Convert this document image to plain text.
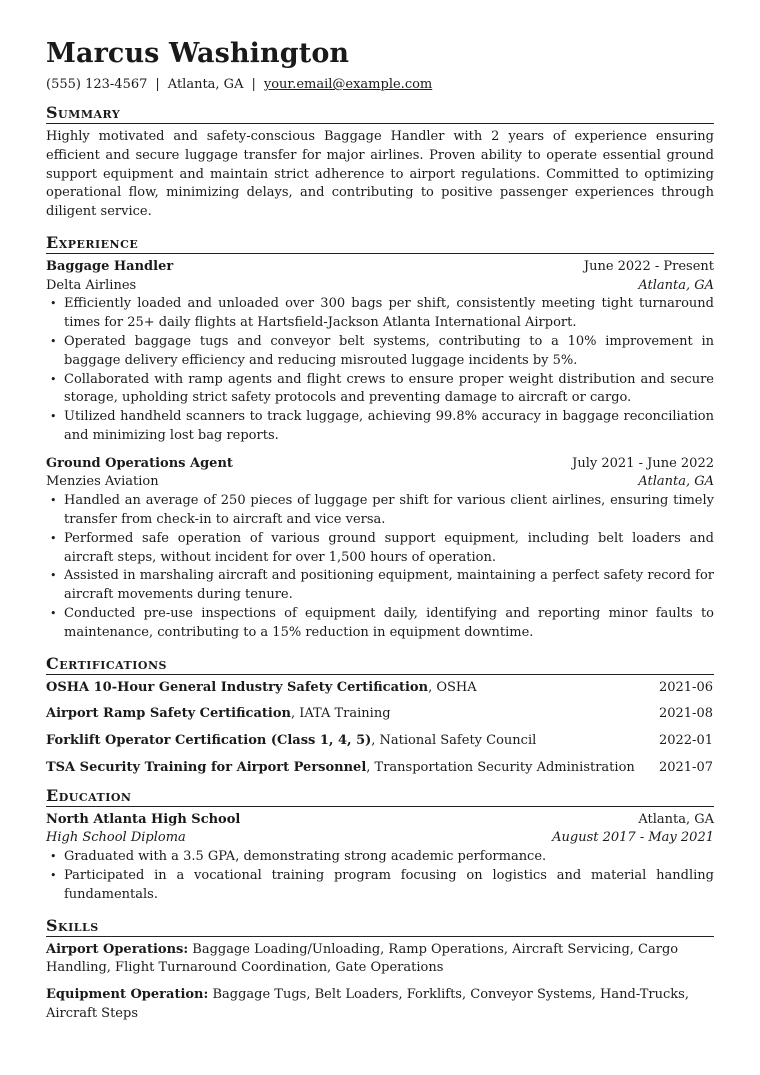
Marcus Washington
(555) 123-4567 | Atlanta, GA | your.email@example.com
Summary

Highly motivated and safety-conscious Baggage Handler with 2 years of experience ensuring efficient and secure luggage transfer for major airlines. Proven ability to operate essential ground support equipment and maintain strict adherence to airport regulations. Committed to optimizing operational flow, minimizing delays, and contributing to positive passenger experiences through diligent service.

Experience
Baggage Handler	June 2022 - Present
Delta Airlines	Atlanta, GA
• Efficiently loaded and unloaded over 300 bags per shift, consistently meeting tight turnaround times for 25+ daily flights at Hartsfield-Jackson Atlanta International Airport.
• Operated baggage tugs and conveyor belt systems, contributing to a 10% improvement in baggage delivery efficiency and reducing misrouted luggage incidents by 5%.
• Collaborated with ramp agents and flight crews to ensure proper weight distribution and secure storage, upholding strict safety protocols and preventing damage to aircraft or cargo.
• Utilized handheld scanners to track luggage, achieving 99.8% accuracy in baggage reconciliation and minimizing lost bag reports.
Ground Operations Agent	July 2021 - June 2022
Menzies Aviation	Atlanta, GA
• Handled an average of 250 pieces of luggage per shift for various client airlines, ensuring timely transfer from check-in to aircraft and vice versa.
• Performed safe operation of various ground support equipment, including belt loaders and aircraft steps, without incident for over 1,500 hours of operation.
• Assisted in marshaling aircraft and positioning equipment, maintaining a perfect safety record for aircraft movements during tenure.
• Conducted pre-use inspections of equipment daily, identifying and reporting minor faults to maintenance, contributing to a 15% reduction in equipment downtime.
Certifications
OSHA 10-Hour General Industry Safety Certification, OSHA	2021-06
Airport Ramp Safety Certification, IATA Training	2021-08
Forklift Operator Certification (Class 1, 4, 5), National Safety Council	2022-01
TSA Security Training for Airport Personnel, Transportation Security Administration 2021-07
Education
North Atlanta High School	Atlanta, GA
High School Diploma	August 2017 - May 2021
• Graduated with a 3.5 GPA, demonstrating strong academic performance.
• Participated in a vocational training program focusing on logistics and material handling fundamentals.
Skills

Airport Operations: Baggage Loading/Unloading, Ramp Operations, Aircraft Servicing, Cargo Handling, Flight Turnaround Coordination, Gate Operations

Equipment Operation: Baggage Tugs, Belt Loaders, Forklifts, Conveyor Systems, Hand-Trucks, Aircraft Steps
